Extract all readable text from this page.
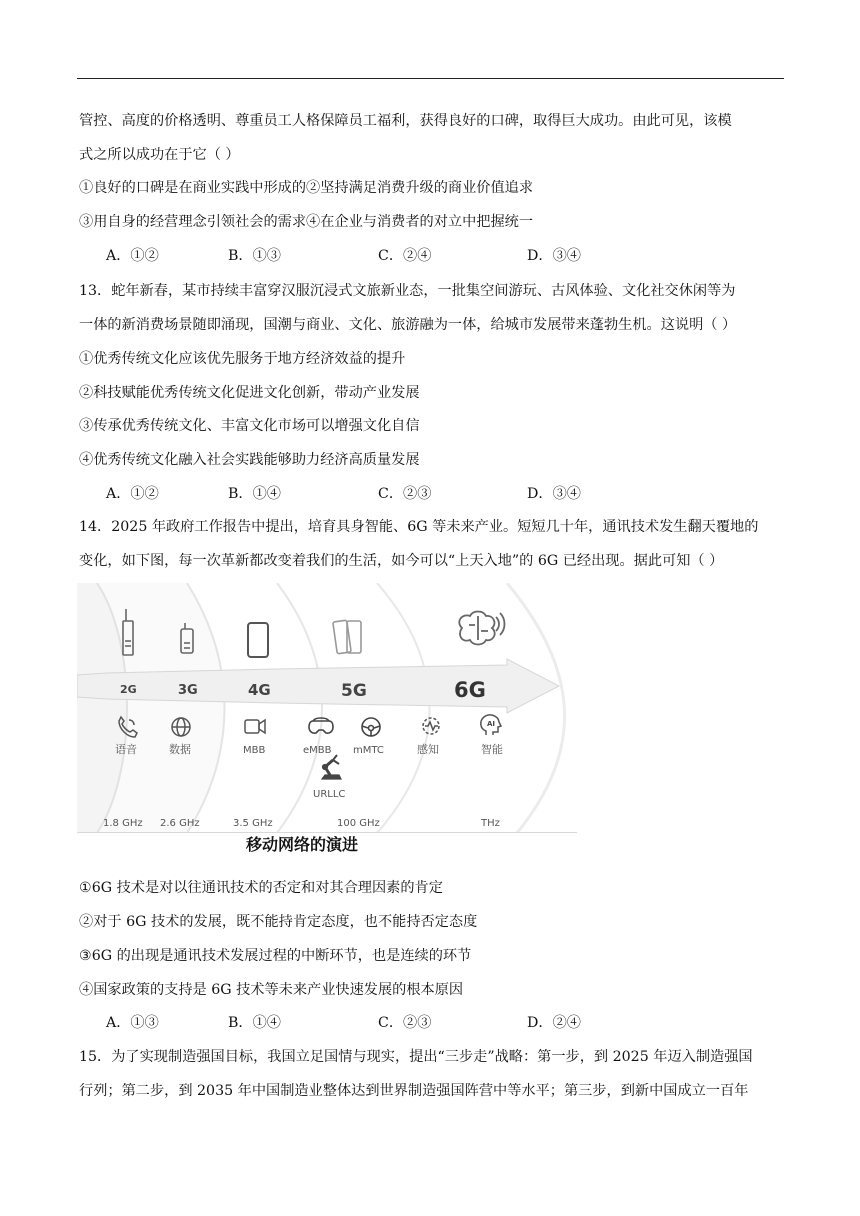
管控、高度的价格透明、尊重员工人格保障员工福利，获得良好的口碑，取得巨大成功。由此可见，该模
式之所以成功在于它（ ）
①良好的口碑是在商业实践中形成的②坚持满足消费升级的商业价值追求
③用自身的经营理念引领社会的需求④在企业与消费者的对立中把握统一
A．①②	B．①③	C．②④	D．③④
13．蛇年新春，某市持续丰富穿汉服沉浸式文旅新业态，一批集空间游玩、古风体验、文化社交休闲等为
一体的新消费场景随即涌现，国潮与商业、文化、旅游融为一体，给城市发展带来蓬勃生机。这说明（ ）
①优秀传统文化应该优先服务于地方经济效益的提升
②科技赋能优秀传统文化促进文化创新，带动产业发展
③传承优秀传统文化、丰富文化市场可以增强文化自信
④优秀传统文化融入社会实践能够助力经济高质量发展
A．①②	B．①④	C．②③	D．③④
14．2025 年政府工作报告中提出，培育具身智能、6G 等未来产业。短短几十年，通讯技术发生翻天覆地的
变化，如下图，每一次革新都改变着我们的生活，如今可以“上天入地”的 6G 已经出现。据此可知（ ）
2G	3G	4G	5G	6G
AI
语音	数据	MBB	eMBB mMTC
URLLC
感知	智能
1.8 GHz 2.6 GHz	3.5 GHz	100 GHz	THz
移动网络的演进
①6G 技术是对以往通讯技术的否定和对其合理因素的肯定
②对于 6G 技术的发展，既不能持肯定态度，也不能持否定态度
③6G 的出现是通讯技术发展过程的中断环节，也是连续的环节
④国家政策的支持是 6G 技术等未来产业快速发展的根本原因
A．①③	B．①④	C．②③	D．②④
15．为了实现制造强国目标，我国立足国情与现实，提出“三步走”战略：第一步，到 2025 年迈入制造强国
行列；第二步，到 2035 年中国制造业整体达到世界制造强国阵营中等水平；第三步，到新中国成立一百年
